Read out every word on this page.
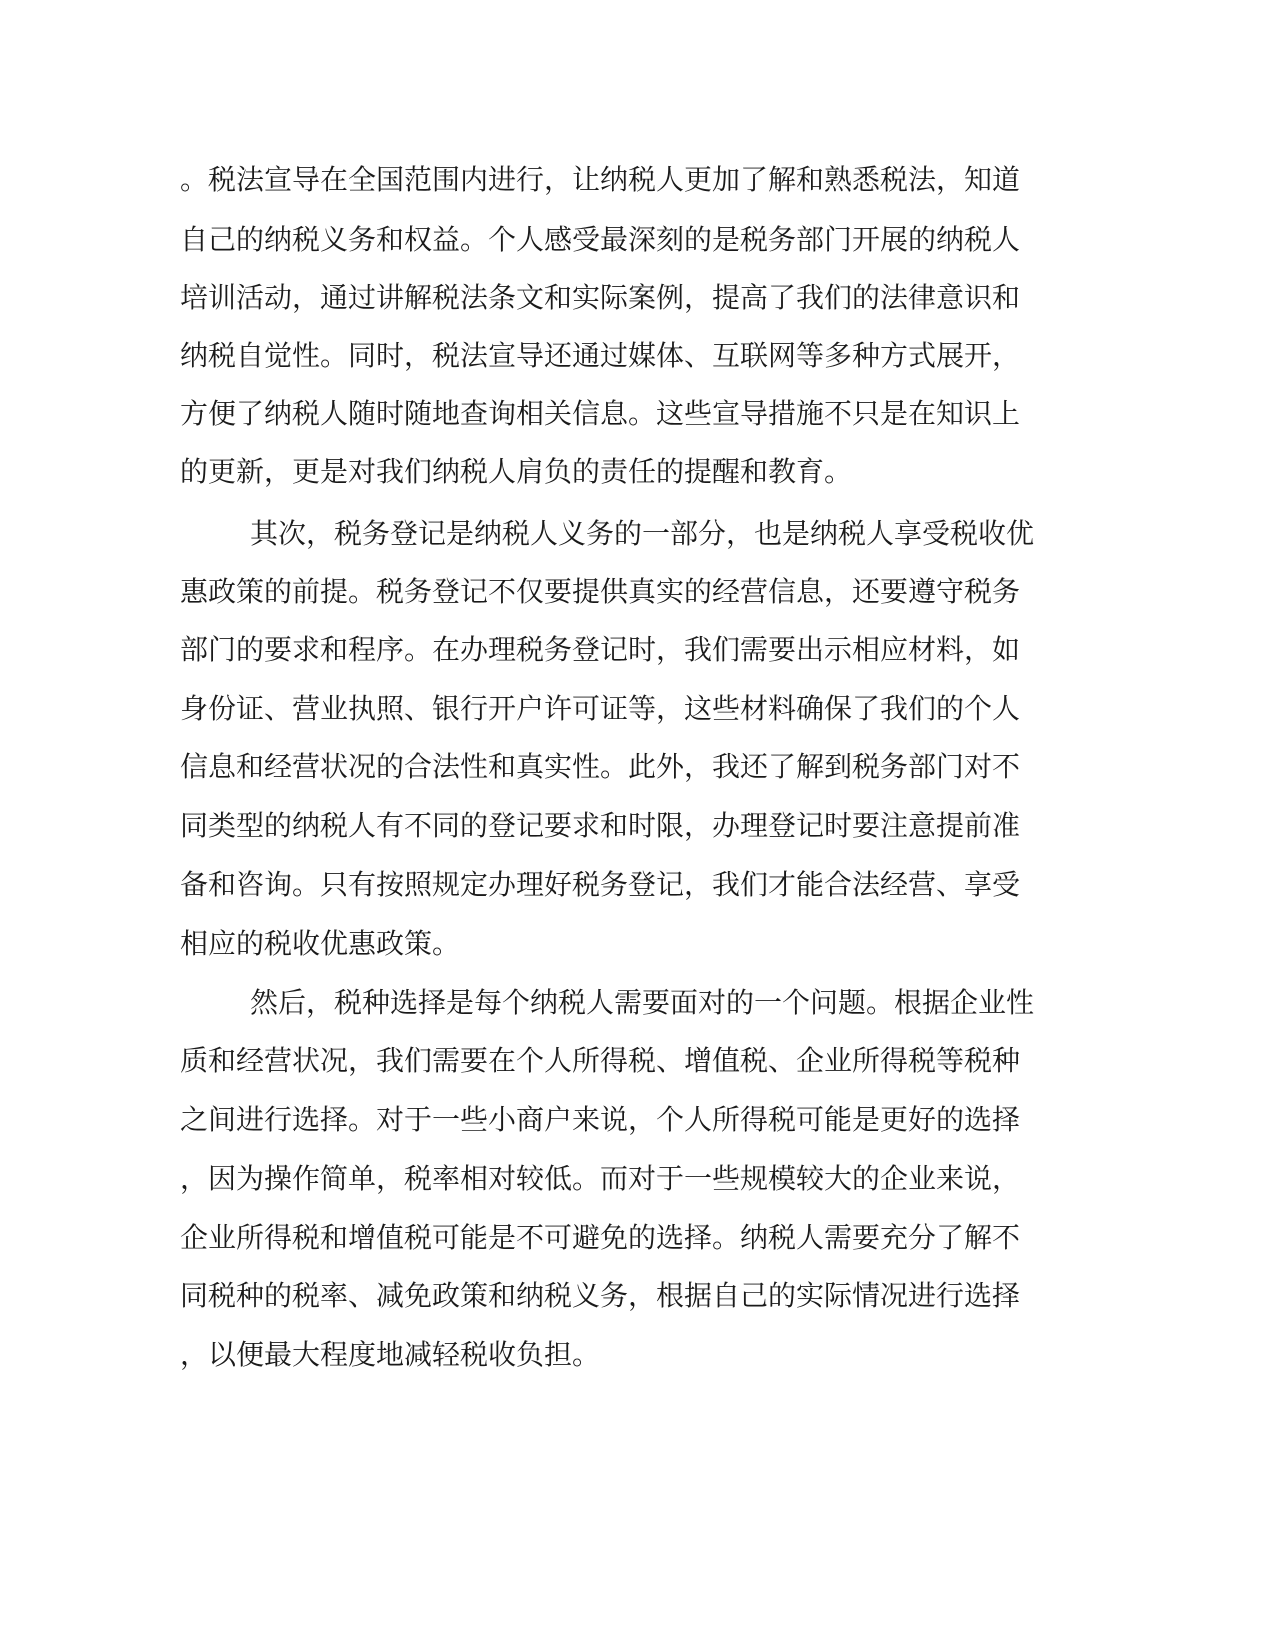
。税法宣导在全国范围内进行，让纳税人更加了解和熟悉税法，知道
自己的纳税义务和权益。个人感受最深刻的是税务部门开展的纳税人
培训活动，通过讲解税法条文和实际案例，提高了我们的法律意识和
纳税自觉性。同时，税法宣导还通过媒体、互联网等多种方式展开，
方便了纳税人随时随地查询相关信息。这些宣导措施不只是在知识上
的更新，更是对我们纳税人肩负的责任的提醒和教育。
其次，税务登记是纳税人义务的一部分，也是纳税人享受税收优
惠政策的前提。税务登记不仅要提供真实的经营信息，还要遵守税务
部门的要求和程序。在办理税务登记时，我们需要出示相应材料，如
身份证、营业执照、银行开户许可证等，这些材料确保了我们的个人
信息和经营状况的合法性和真实性。此外，我还了解到税务部门对不
同类型的纳税人有不同的登记要求和时限，办理登记时要注意提前准
备和咨询。只有按照规定办理好税务登记，我们才能合法经营、享受
相应的税收优惠政策。
然后，税种选择是每个纳税人需要面对的一个问题。根据企业性
质和经营状况，我们需要在个人所得税、增值税、企业所得税等税种
之间进行选择。对于一些小商户来说，个人所得税可能是更好的选择
，因为操作简单，税率相对较低。而对于一些规模较大的企业来说，
企业所得税和增值税可能是不可避免的选择。纳税人需要充分了解不
同税种的税率、减免政策和纳税义务，根据自己的实际情况进行选择
，以便最大程度地减轻税收负担。
